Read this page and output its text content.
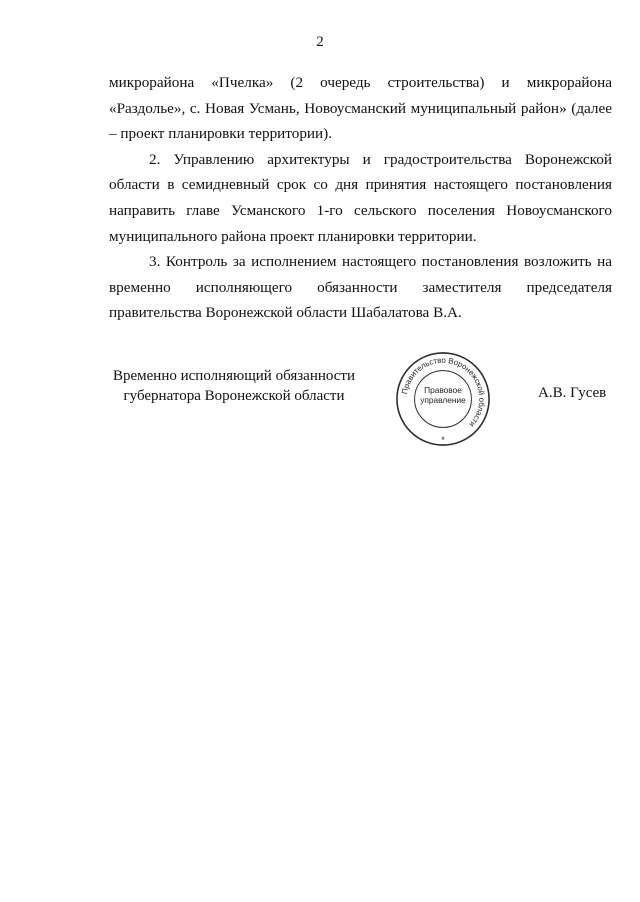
2

микрорайона «Пчелка» (2 очередь строительства) и микрорайона «Раздолье», с. Новая Усмань, Новоусманский муниципальный район» (далее – проект планировки территории).

2. Управлению архитектуры и градостроительства Воронежской области в семидневный срок со дня принятия настоящего постановления направить главе Усманского 1-го сельского поселения Новоусманского муниципального района проект планировки территории.

3. Контроль за исполнением настоящего постановления возложить на временно исполняющего обязанности заместителя председателя правительства Воронежской области Шабалатова В.А.

Временно исполняющий обязанности
губернатора Воронежской области	Правительство Воронежской области
Правовое
управление
*
А.В. Гусев
